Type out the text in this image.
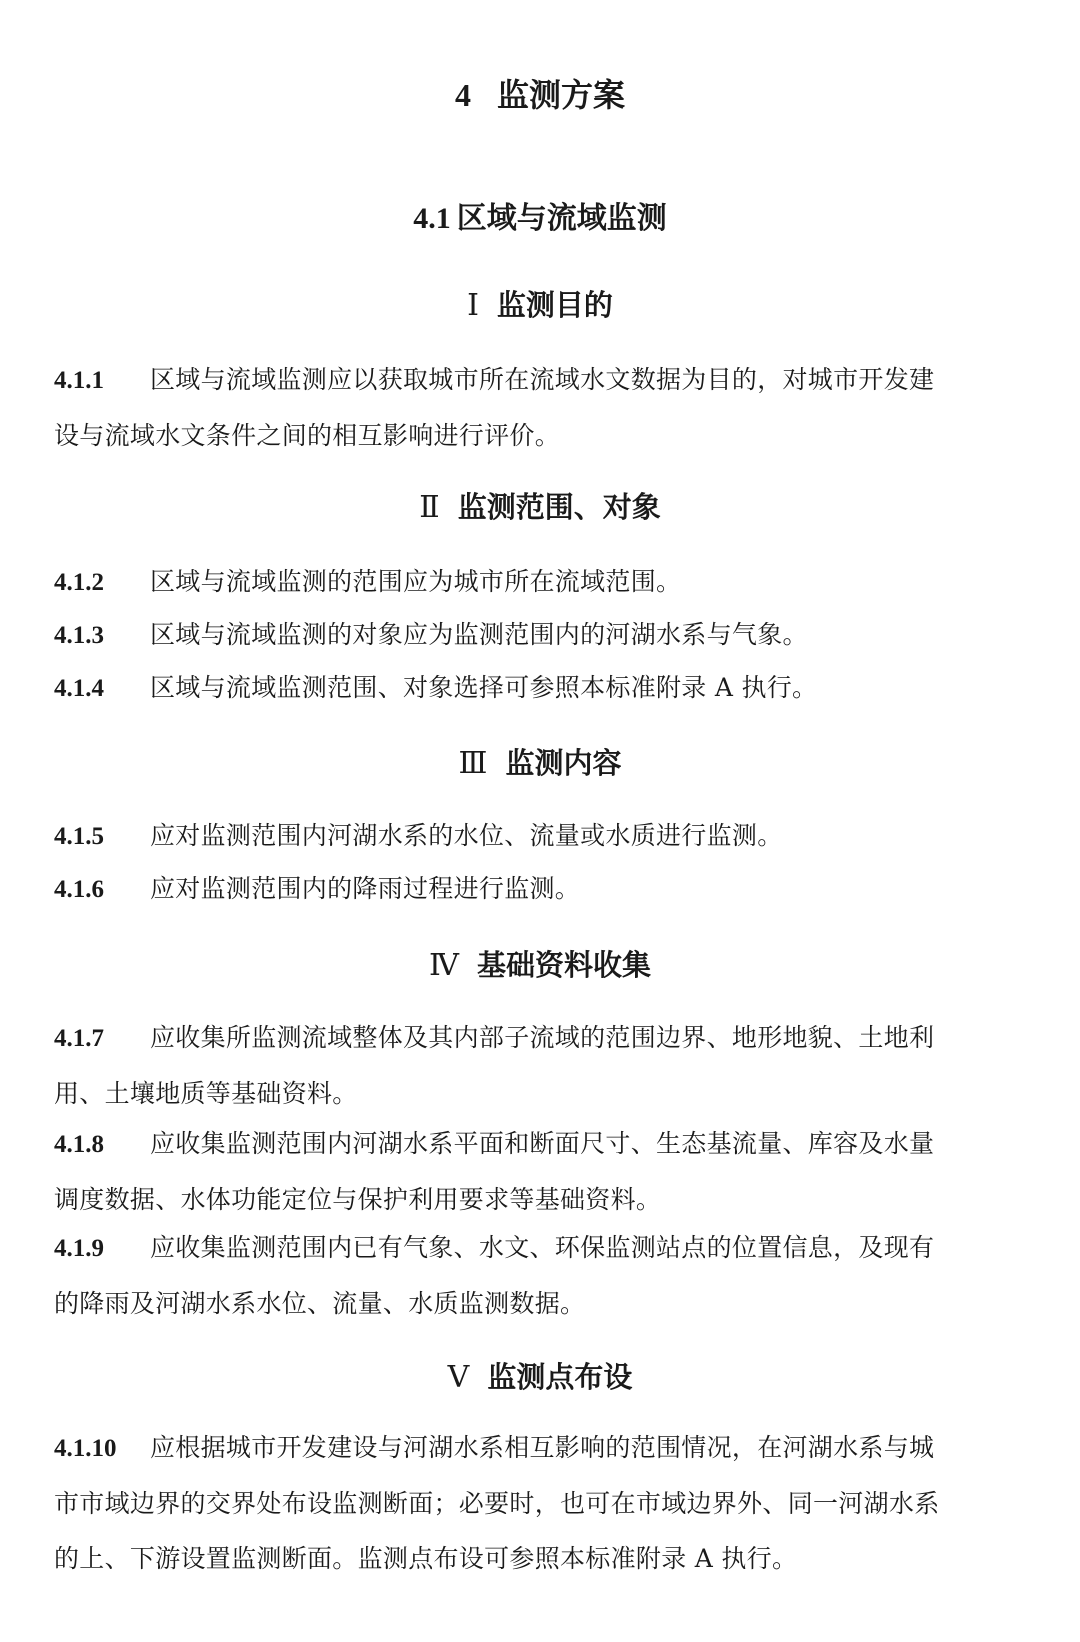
4 监测方案
4.1  区域与流域监测
Ⅰ 监测目的
4.1.1 区域与流域监测应以获取城市所在流域水文数据为目的，对城市开发建
设与流域水文条件之间的相互影响进行评价。
Ⅱ 监测范围、对象
4.1.2 区域与流域监测的范围应为城市所在流域范围。
4.1.3 区域与流域监测的对象应为监测范围内的河湖水系与气象。
4.1.4 区域与流域监测范围、对象选择可参照本标准附录 A 执行。
Ⅲ 监测内容
4.1.5 应对监测范围内河湖水系的水位、流量或水质进行监测。
4.1.6 应对监测范围内的降雨过程进行监测。
Ⅳ 基础资料收集
4.1.7 应收集所监测流域整体及其内部子流域的范围边界、地形地貌、土地利
用、土壤地质等基础资料。
4.1.8 应收集监测范围内河湖水系平面和断面尺寸、生态基流量、库容及水量
调度数据、水体功能定位与保护利用要求等基础资料。
4.1.9 应收集监测范围内已有气象、水文、环保监测站点的位置信息，及现有
的降雨及河湖水系水位、流量、水质监测数据。
Ⅴ 监测点布设
4.1.10 应根据城市开发建设与河湖水系相互影响的范围情况，在河湖水系与城
市市域边界的交界处布设监测断面；必要时，也可在市域边界外、同一河湖水系
的上、下游设置监测断面。监测点布设可参照本标准附录 A 执行。
